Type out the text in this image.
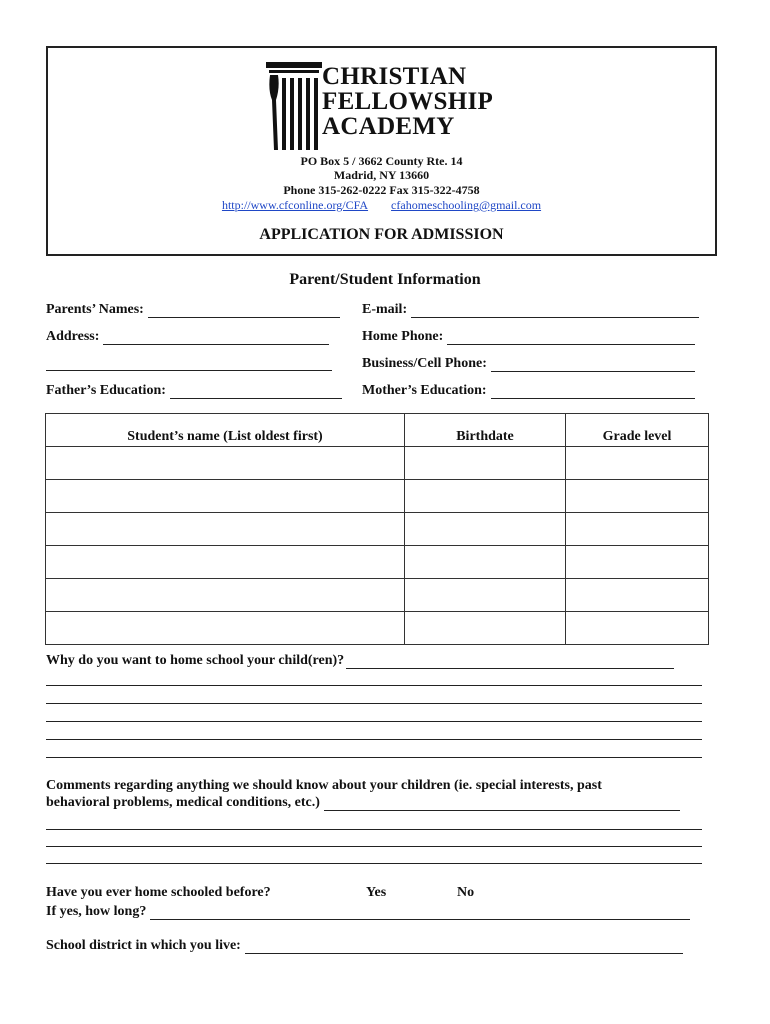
CHRISTIAN
FELLOWSHIP
ACADEMY
PO Box 5 / 3662 County Rte. 14
Madrid, NY 13660
Phone 315-262-0222 Fax 315-322-4758
http://www.cfconline.org/CFA cfahomeschooling@gmail.com
APPLICATION FOR ADMISSION
Parent/Student Information
Parents’ Names:	E-mail:
Address:	Home Phone:
Business/Cell Phone:
Father’s Education:	Mother’s Education:
Student’s name (List oldest first)	Birthdate	Grade level

Why do you want to home school your child(ren)?
Comments regarding anything we should know about your children (ie. special interests, past
behavioral problems, medical conditions, etc.)
Have you ever home schooled before?	Yes	No
If yes, how long?
School district in which you live:
